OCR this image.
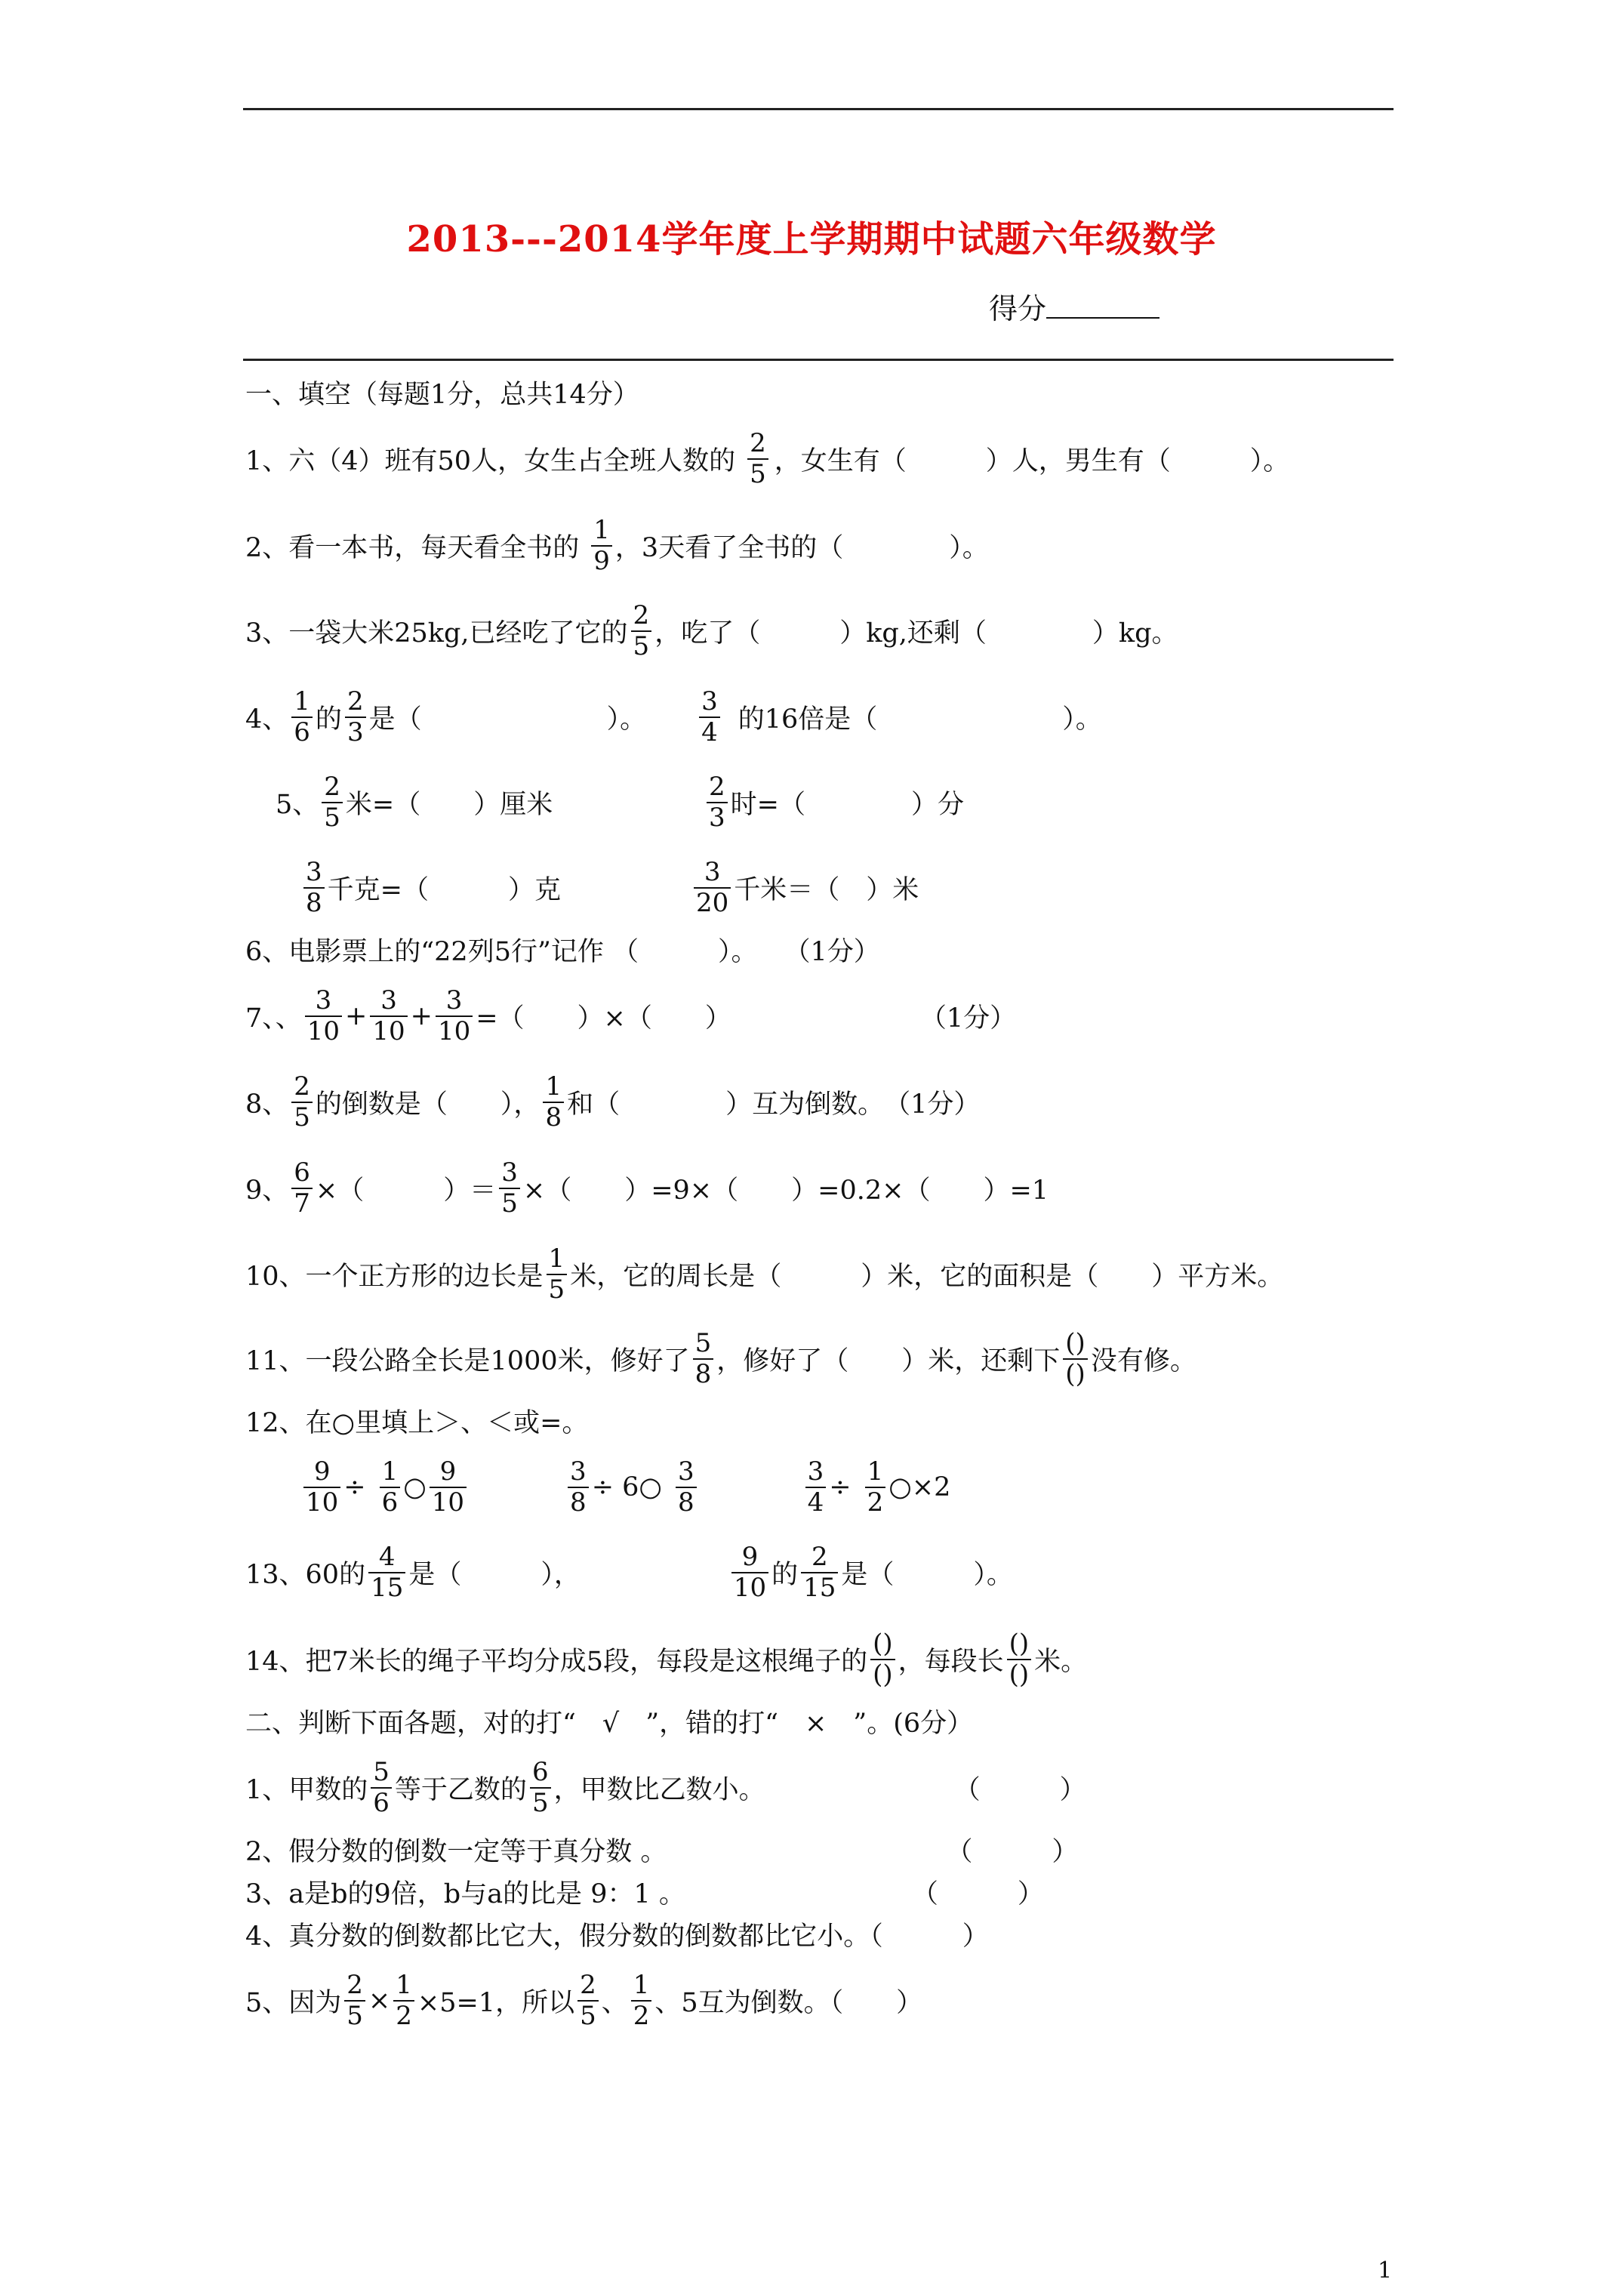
2013---2014学年度上学期期中试题六年级数学
得分
一、填空（每题1分，总共14分）
1、六（4）班有50人，女生占全班人数的 $\frac{2}{5}$ ，女生有（　　　）人，男生有（　　　）。
2、看一本书，每天看全书的 $\frac{1}{9}$ ，3天看了全书的（　　　　）。
3、一袋大米25kg,已经吃了它的 $\frac{2}{5}$ ，吃了（　　　）kg,还剩（　　　　）kg。
4、 $\frac{1}{6}$ 的 $\frac{2}{3}$ 是（　　　　　　　）。 $\frac{3}{4}$ 的16倍是（　　　　　　　）。
5、 $\frac{2}{5}$ 米=（　　）厘米	$\frac{2}{3}$ 时=（　　　　）分
$\frac{3}{8}$ 千克=（　　　）克	$\frac{3}{20}$ 千米＝（　）米
6、电影票上的“22列5行”记作 （　　　）。　　（1分）
7、、 $\frac{3}{10} + \frac{3}{10} + \frac{3}{10}$ =（　　）×（　　）	（1分）
8、 $\frac{2}{5}$ 的倒数是（　　）， $\frac{1}{8}$ 和（　　　　）互为倒数。　（1分）
9、 $\frac{6}{7}$ ×（　　　）＝ $\frac{3}{5}$ ×（　　）=9×（　　）=0.2×（　　）=1
10、一个正方形的边长是 $\frac{1}{5}$ 米，它的周长是（　　　）米，它的面积是（　　）平方米。
11、一段公路全长是1000米，修好了 $\frac{5}{8}$ ，修好了（　　）米，还剩下 $\frac{()}{()}$ 没有修。
12、在○里填上＞、＜或=。
$\frac{9}{10} \div \frac{1}{6}$ ○ $\frac{9}{10}$	$\frac{3}{8}$ ÷ 6○ $\frac{3}{8}$	$\frac{3}{4} \div \frac{1}{2}$ ○×2
13、60的 $\frac{4}{15}$ 是（　　　），	$\frac{9}{10}$ 的 $\frac{2}{15}$ 是（　　　）。
14、把7米长的绳子平均分成5段，每段是这根绳子的 $\frac{()}{()}$ ，每段长 $\frac{()}{()}$ 米。
二、判断下面各题，对的打“　√　”，错的打“　×　”。(6分）
1、甲数的 $\frac{5}{6}$ 等于乙数的 $\frac{6}{5}$ ，甲数比乙数小。	（　　　）
2、假分数的倒数一定等于真分数 。	（　　　）
3、a是b的9倍，b与a的比是 9：1 。	（　　　）
4、真分数的倒数都比它大，假分数的倒数都比它小。（　　　）
5、因为 $\frac{2}{5} \times \frac{1}{2} \times 5=1$，所以 $\frac{2}{5}$ 、 $\frac{1}{2}$ 、5互为倒数。（　　）
1
